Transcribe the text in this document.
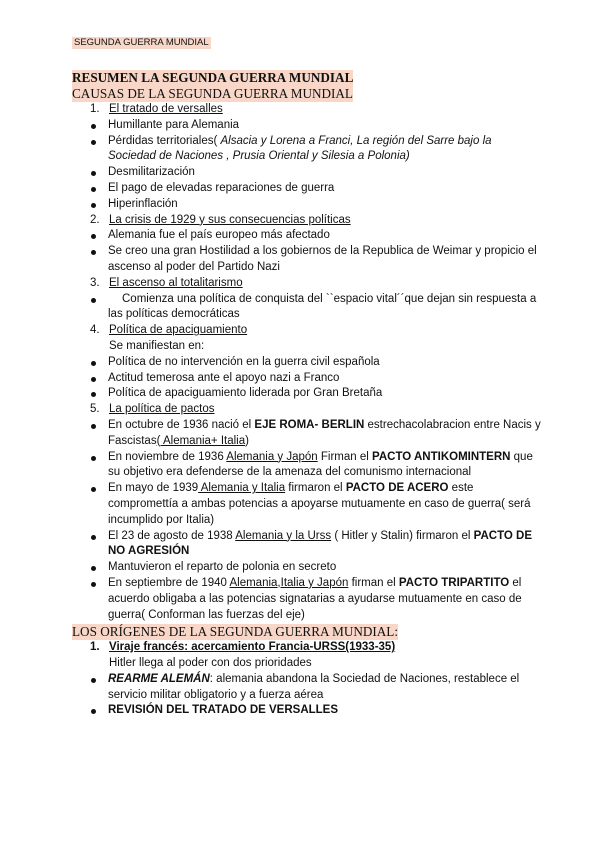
SEGUNDA GUERRA MUNDIAL
RESUMEN LA SEGUNDA GUERRA MUNDIAL
CAUSAS DE LA SEGUNDA GUERRA MUNDIAL
1. El tratado de versalles
Humillante para Alemania
Pérdidas territoriales( Alsacia y Lorena a Franci, La región del Sarre bajo la Sociedad de Naciones , Prusia Oriental y Silesia a Polonia)
Desmilitarización
El pago de elevadas reparaciones de guerra
Hiperinflación
2. La crisis de 1929 y sus consecuencias políticas
Alemania fue el país europeo más afectado
Se creo una gran Hostilidad a los gobiernos de la Republica de Weimar y propicio el ascenso al poder del Partido Nazi
3. El ascenso al totalitarismo
Comienza una política de conquista del ``espacio vital´´que dejan sin respuesta a las políticas democráticas
4. Política de apaciguamiento
Se manifiestan en:
Política de no intervención en la guerra civil española
Actitud temerosa ante el apoyo nazi a Franco
Política de apaciguamiento liderada por Gran Bretaña
5. La política de pactos
En octubre de 1936 nació el EJE ROMA- BERLIN estrechacolabracion entre Nacis y Fascistas( Alemania+ Italia)
En noviembre de 1936 Alemania y Japón Firman el PACTO ANTIKOMINTERN que su objetivo era defenderse de la amenaza del comunismo internacional
En mayo de 1939 Alemania y Italia firmaron el PACTO DE ACERO este compromettía a ambas potencias a apoyarse mutuamente en caso de guerra( será incumplido por Italia)
El 23 de agosto de 1938 Alemania y la Urss ( Hitler y Stalin) firmaron el PACTO DE NO AGRESIÓN
Mantuvieron el reparto de polonia en secreto
En septiembre de 1940 Alemania,Italia y Japón firman el PACTO TRIPARTITO el acuerdo obligaba a las potencias signatarias a ayudarse mutuamente en caso de guerra( Conforman las fuerzas del eje)
LOS ORÍGENES DE LA SEGUNDA GUERRA MUNDIAL:
1. Viraje francés: acercamiento Francia-URSS(1933-35)
Hitler llega al poder con dos prioridades
REARME ALEMÁN: alemania abandona la Sociedad de Naciones, restablece el servicio militar obligatorio y a fuerza aérea
REVISIÓN DEL TRATADO DE VERSALLES
